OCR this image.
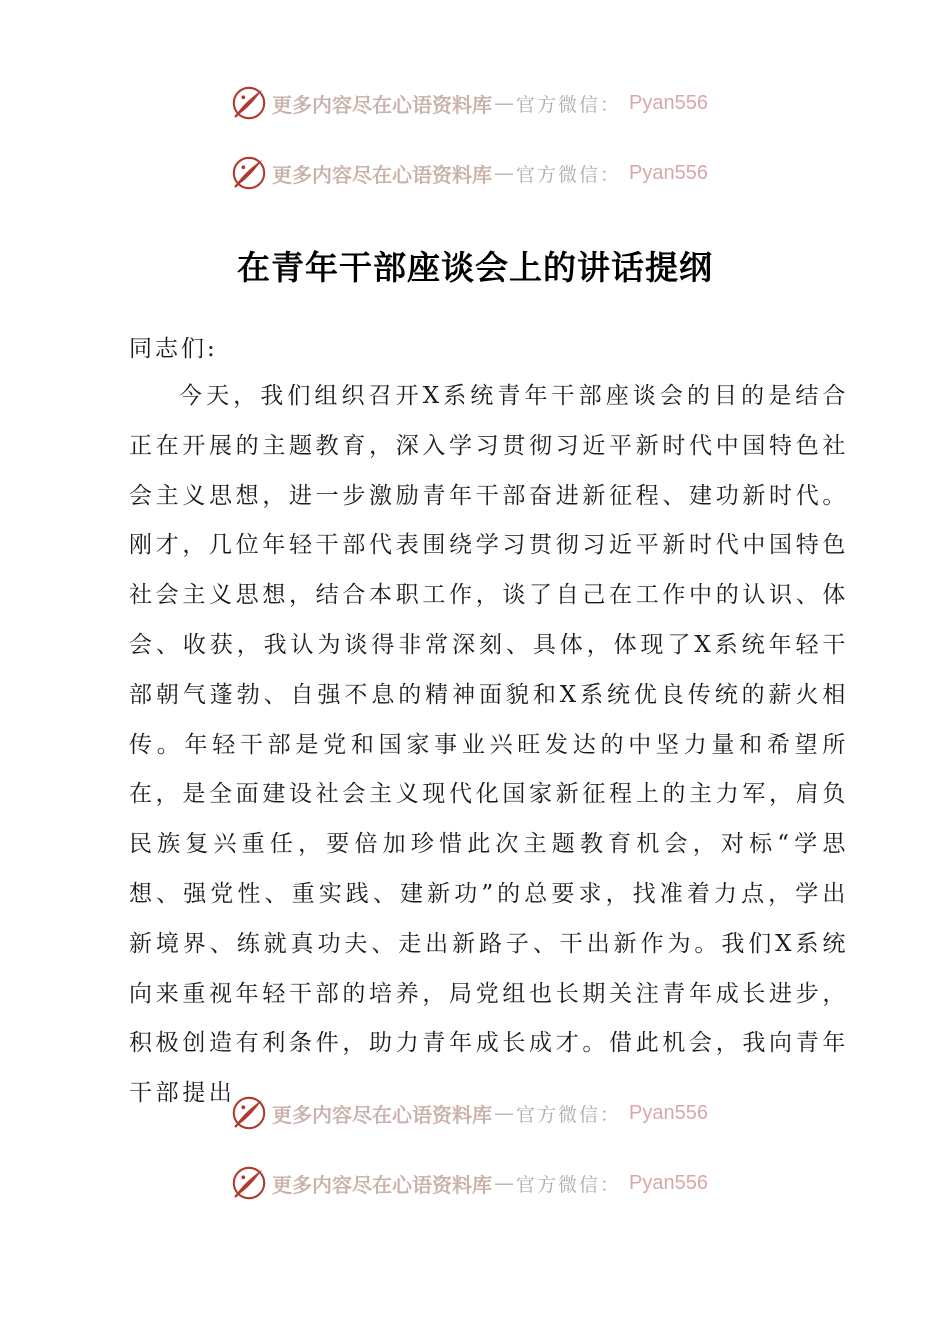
更多内容尽在心语资料库 — 官方微信： Pyan556
更多内容尽在心语资料库 — 官方微信： Pyan556
在青年干部座谈会上的讲话提纲
同志们:

今天，我们组织召开X系统青年干部座谈会的目的是结合正在开展的主题教育，深入学习贯彻习近平新时代中国特色社会主义思想，进一步激励青年干部奋进新征程、建功新时代。刚才，几位年轻干部代表围绕学习贯彻习近平新时代中国特色社会主义思想，结合本职工作，谈了自己在工作中的认识、体会、收获，我认为谈得非常深刻、具体，体现了X系统年轻干部朝气蓬勃、自强不息的精神面貌和X系统优良传统的薪火相传。年轻干部是党和国家事业兴旺发达的中坚力量和希望所在，是全面建设社会主义现代化国家新征程上的主力军，肩负民族复兴重任，要倍加珍惜此次主题教育机会，对标“学思想、强党性、重实践、建新功”的总要求，找准着力点，学出新境界、练就真功夫、走出新路子、干出新作为。我们X系统向来重视年轻干部的培养，局党组也长期关注青年成长进步，积极创造有利条件，助力青年成长成才。借此机会，我向青年干部提出

更多内容尽在心语资料库 — 官方微信： Pyan556
更多内容尽在心语资料库 — 官方微信： Pyan556
